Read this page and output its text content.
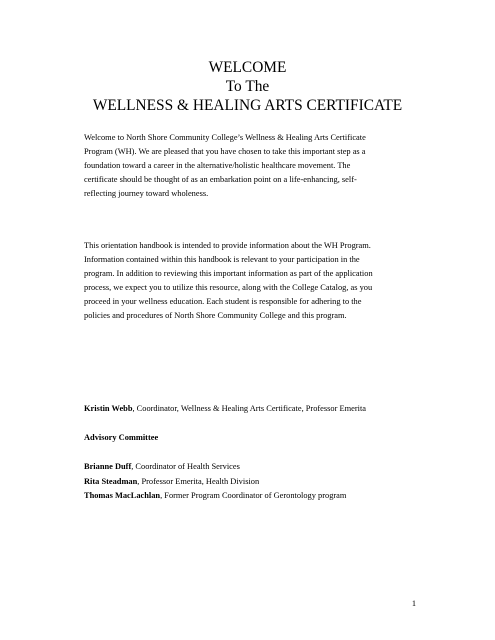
WELCOME
To The
WELLNESS & HEALING ARTS CERTIFICATE

Welcome to North Shore Community College’s Wellness & Healing Arts Certificate
Program (WH). We are pleased that you have chosen to take this important step as a
foundation toward a career in the alternative/holistic healthcare movement. The
certificate should be thought of as an embarkation point on a life-enhancing, self-
reflecting journey toward wholeness.

This orientation handbook is intended to provide information about the WH Program.
Information contained within this handbook is relevant to your participation in the
program. In addition to reviewing this important information as part of the application
process, we expect you to utilize this resource, along with the College Catalog, as you
proceed in your wellness education. Each student is responsible for adhering to the
policies and procedures of North Shore Community College and this program.

Kristin Webb, Coordinator, Wellness & Healing Arts Certificate, Professor Emerita
Advisory Committee
Brianne Duff, Coordinator of Health Services
Rita Steadman, Professor Emerita, Health Division
Thomas MacLachlan, Former Program Coordinator of Gerontology program
1
